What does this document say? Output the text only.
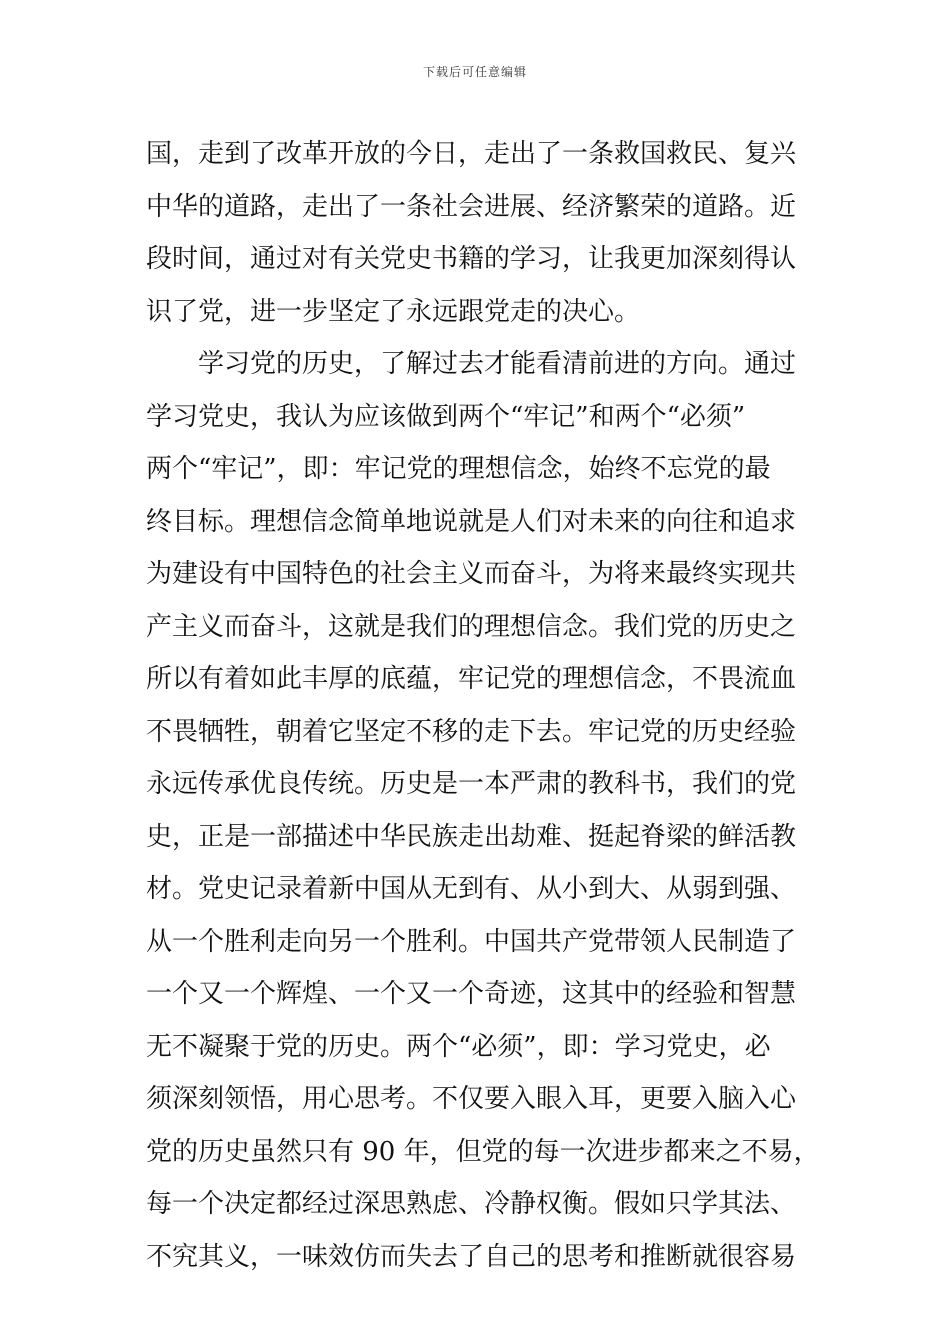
下载后可任意编辑
国，走到了改革开放的今日，走出了一条救国救民、复兴
中华的道路，走出了一条社会进展、经济繁荣的道路。近
段时间，通过对有关党史书籍的学习，让我更加深刻得认
识了党，进一步坚定了永远跟党走的决心。
学习党的历史，了解过去才能看清前进的方向。通过
学习党史，我认为应该做到两个“牢记”和两个“必须”
两个“牢记”，即：牢记党的理想信念，始终不忘党的最
终目标。理想信念简单地说就是人们对未来的向往和追求
为建设有中国特色的社会主义而奋斗，为将来最终实现共
产主义而奋斗，这就是我们的理想信念。我们党的历史之
所以有着如此丰厚的底蕴，牢记党的理想信念，不畏流血
不畏牺牲，朝着它坚定不移的走下去。牢记党的历史经验
永远传承优良传统。历史是一本严肃的教科书，我们的党
史，正是一部描述中华民族走出劫难、挺起脊梁的鲜活教
材。党史记录着新中国从无到有、从小到大、从弱到强、
从一个胜利走向另一个胜利。中国共产党带领人民制造了
一个又一个辉煌、一个又一个奇迹，这其中的经验和智慧
无不凝聚于党的历史。两个“必须”，即：学习党史，必
须深刻领悟，用心思考。不仅要入眼入耳，更要入脑入心
党的历史虽然只有 90 年，但党的每一次进步都来之不易，
每一个决定都经过深思熟虑、冷静权衡。假如只学其法、
不究其义，一味效仿而失去了自己的思考和推断就很容易
